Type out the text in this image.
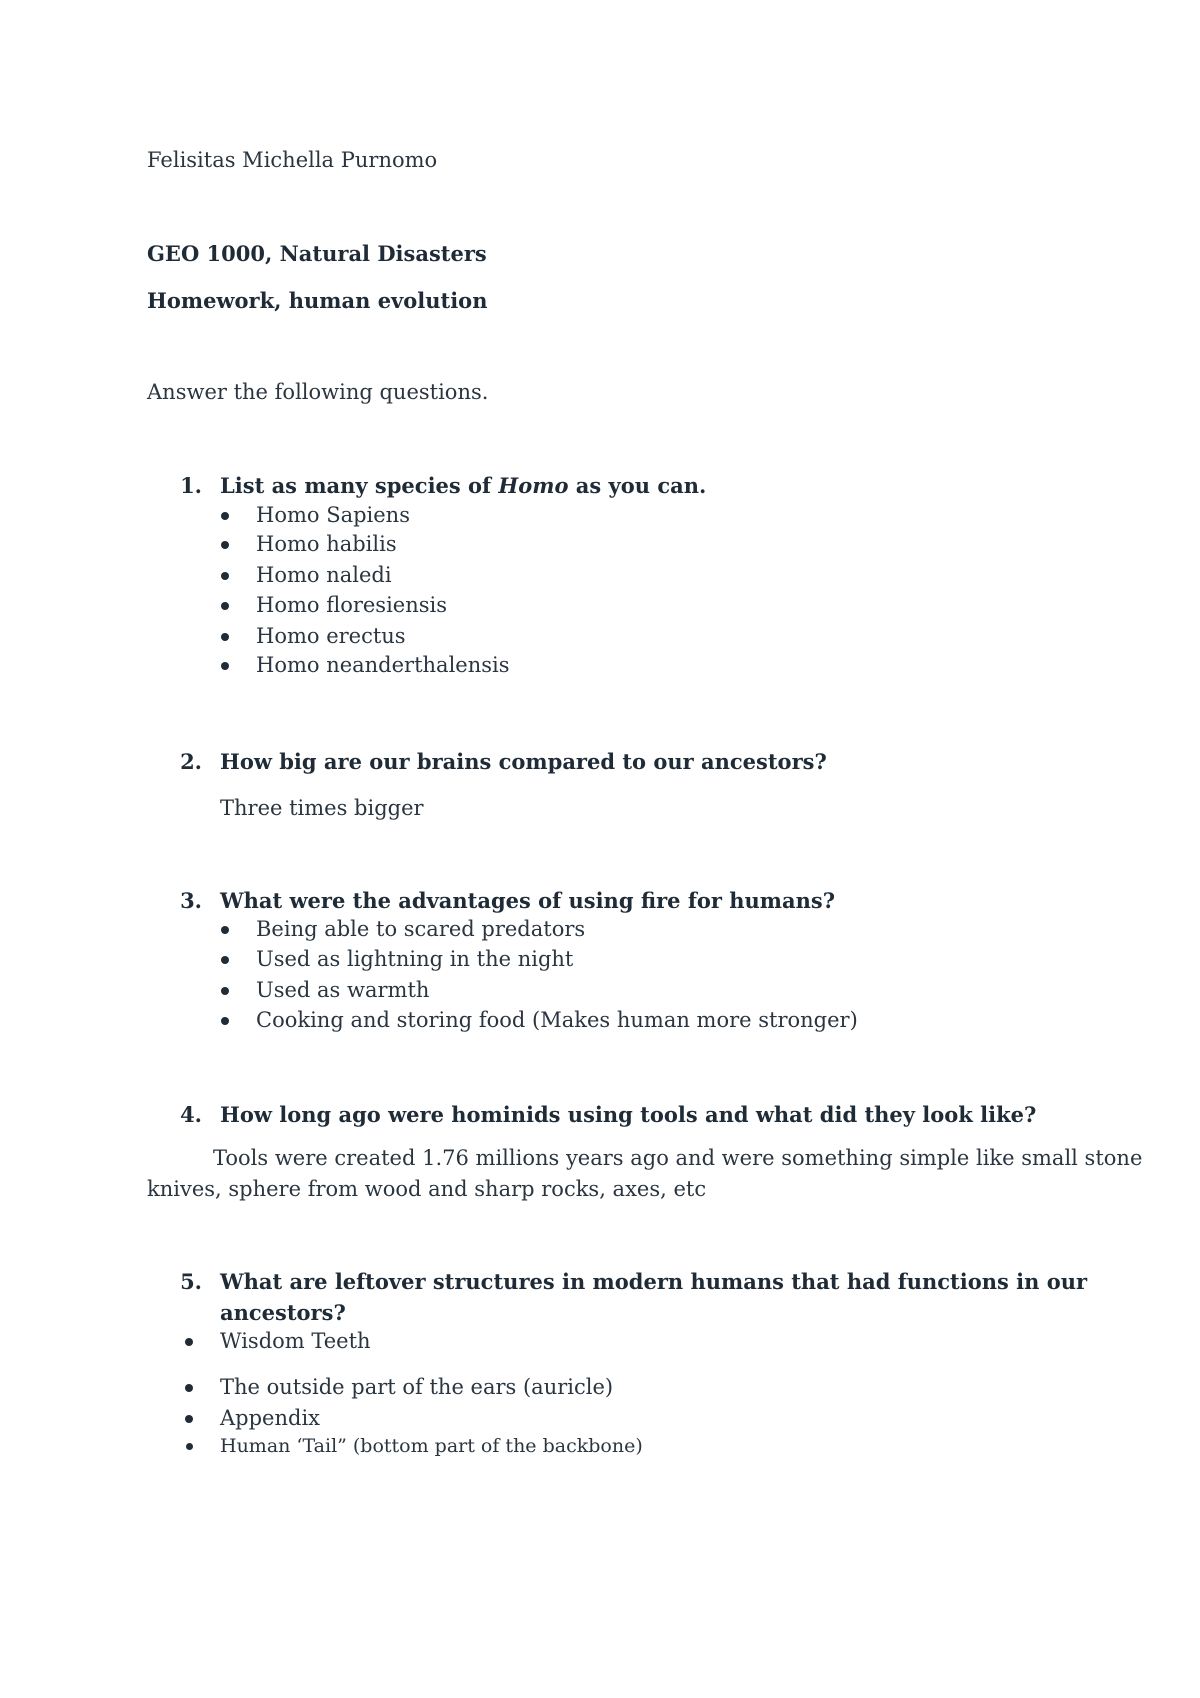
Felisitas Michella Purnomo
GEO 1000, Natural Disasters
Homework, human evolution
Answer the following questions.
1. List as many species of Homo as you can.
Homo Sapiens
Homo habilis
Homo naledi
Homo floresiensis
Homo erectus
Homo neanderthalensis
2. How big are our brains compared to our ancestors?
Three times bigger
3. What were the advantages of using fire for humans?
Being able to scared predators
Used as lightning in the night
Used as warmth
Cooking and storing food (Makes human more stronger)
4. How long ago were hominids using tools and what did they look like?
Tools were created 1.76 millions years ago and were something simple like small stone
knives, sphere from wood and sharp rocks, axes, etc
5. What are leftover structures in modern humans that had functions in our
ancestors?
Wisdom Teeth
The outside part of the ears (auricle)
Appendix
Human ‘Tail” (bottom part of the backbone)
